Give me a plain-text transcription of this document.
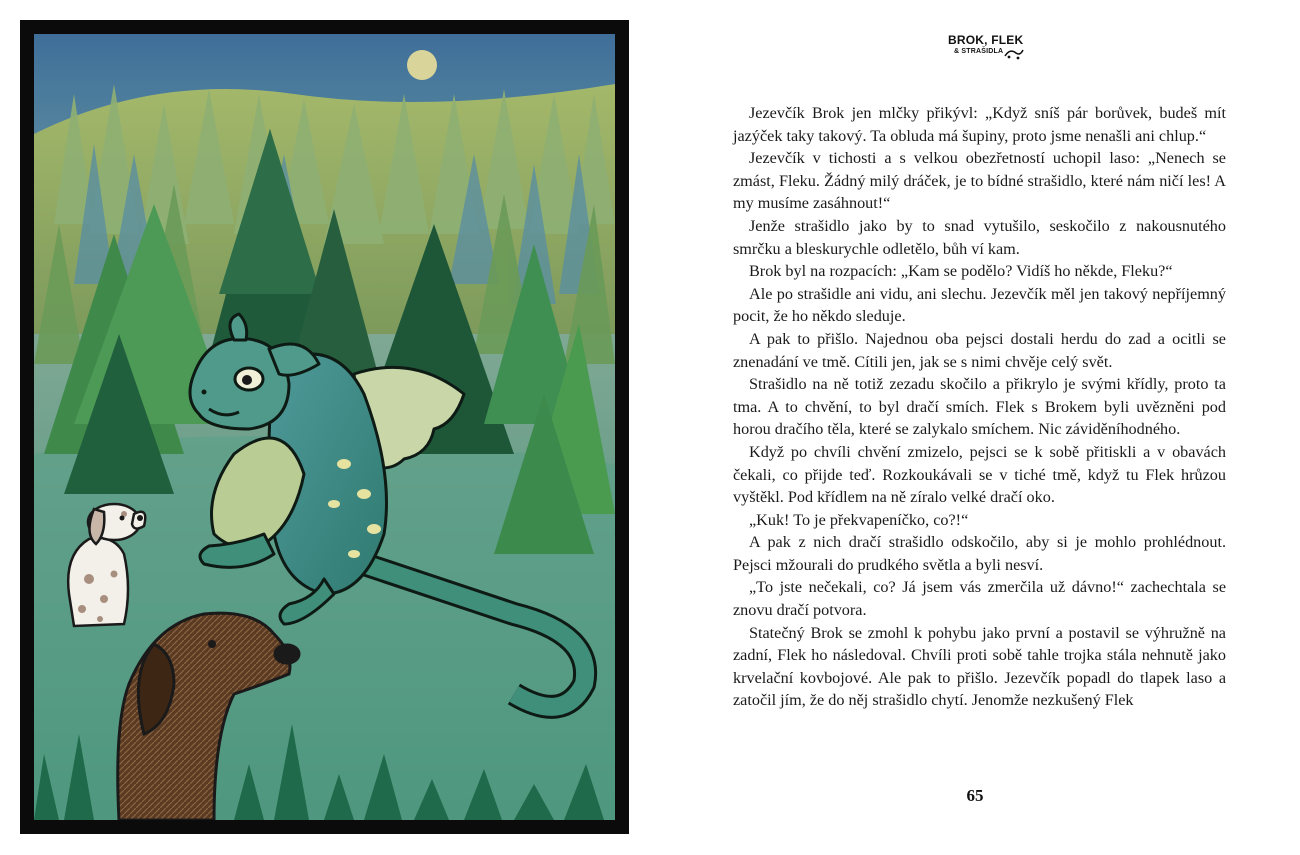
BROK, FLEK
& STRAŠIDLA

Jezevčík Brok jen mlčky přikývl: „Když sníš pár borůvek, budeš mít jazýček taky takový. Ta obluda má šupiny, proto jsme nenašli ani chlup.“

Jezevčík v tichosti a s velkou obezřetností uchopil laso: „Nenech se zmást, Fleku. Žádný milý dráček, je to bídné strašidlo, které nám ničí les! A my musíme zasáhnout!“

Jenže strašidlo jako by to snad vytušilo, seskočilo z nakousnutého smrčku a bleskurychle odletělo, bůh ví kam.

Brok byl na rozpacích: „Kam se podělo? Vidíš ho někde, Fleku?“

Ale po strašidle ani vidu, ani slechu. Jezevčík měl jen takový nepříjemný pocit, že ho někdo sleduje.

A pak to přišlo. Najednou oba pejsci dostali herdu do zad a ocitli se znenadání ve tmě. Cítili jen, jak se s nimi chvěje celý svět.

Strašidlo na ně totiž zezadu skočilo a přikrylo je svými křídly, proto ta tma. A to chvění, to byl dračí smích. Flek s Brokem byli uvězněni pod horou dračího těla, které se zalykalo smíchem. Nic záviděníhodného.

Když po chvíli chvění zmizelo, pejsci se k sobě přitiskli a v obavách čekali, co přijde teď. Rozkoukávali se v tiché tmě, když tu Flek hrůzou vyštěkl. Pod křídlem na ně zíralo velké dračí oko.

„Kuk! To je překvapeníčko, co?!“

A pak z nich dračí strašidlo odskočilo, aby si je mohlo prohlédnout. Pejsci mžourali do prudkého světla a byli nesví.

„To jste nečekali, co? Já jsem vás zmerčila už dávno!“ zachechtala se znovu dračí potvora.

Statečný Brok se zmohl k pohybu jako první a postavil se výhružně na zadní, Flek ho následoval. Chvíli proti sobě tahle trojka stála nehnutě jako krvelační kovbojové. Ale pak to přišlo. Jezevčík popadl do tlapek laso a zatočil jím, že do něj strašidlo chytí. Jenomže nezkušený Flek

65
